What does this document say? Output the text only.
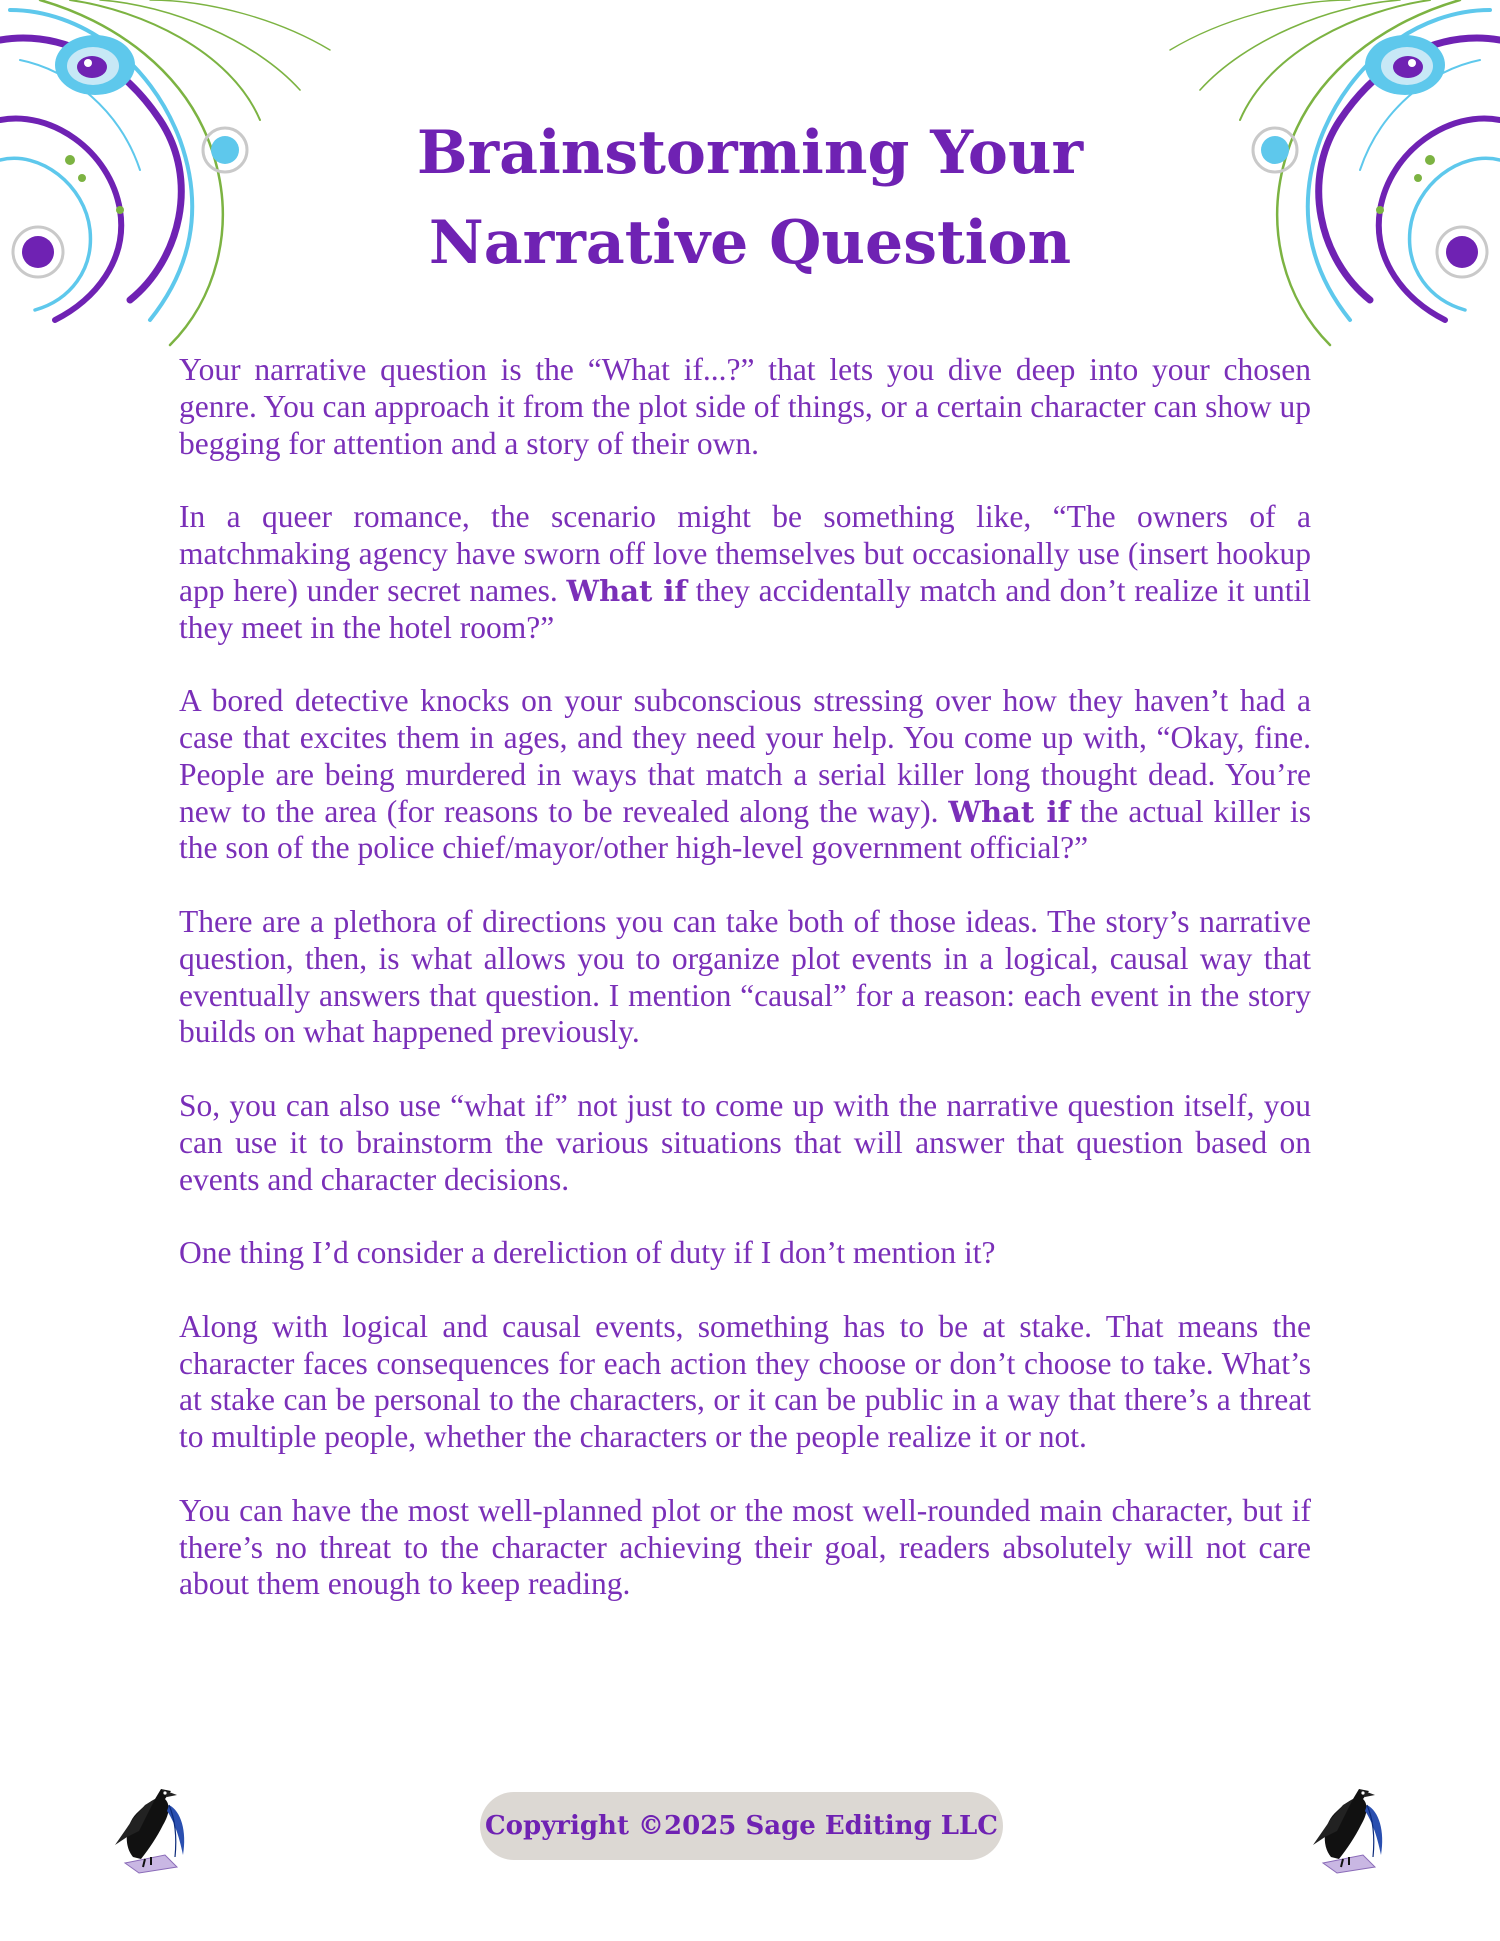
Brainstorming Your
Narrative Question

Your narrative question is the “What if...?” that lets you dive deep into your chosen genre. You can approach it from the plot side of things, or a certain character can show up begging for attention and a story of their own.

In a queer romance, the scenario might be something like, “The owners of a matchmaking agency have sworn off love themselves but occasionally use (insert hookup app here) under secret names. What if they accidentally match and don’t realize it until they meet in the hotel room?”

A bored detective knocks on your subconscious stressing over how they haven’t had a case that excites them in ages, and they need your help. You come up with, “Okay, fine. People are being murdered in ways that match a serial killer long thought dead. You’re new to the area (for reasons to be revealed along the way). What if the actual killer is the son of the police chief/mayor/other high-level government official?”

There are a plethora of directions you can take both of those ideas. The story’s narrative question, then, is what allows you to organize plot events in a logical, causal way that eventually answers that question. I mention “causal” for a reason: each event in the story builds on what happened previously.

So, you can also use “what if” not just to come up with the narrative question itself, you can use it to brainstorm the various situations that will answer that question based on events and character decisions.

One thing I’d consider a dereliction of duty if I don’t mention it?

Along with logical and causal events, something has to be at stake. That means the character faces consequences for each action they choose or don’t choose to take. What’s at stake can be personal to the characters, or it can be public in a way that there’s a threat to multiple people, whether the characters or the people realize it or not.

You can have the most well-planned plot or the most well-rounded main character, but if there’s no threat to the character achieving their goal, readers absolutely will not care about them enough to keep reading.

Copyright ©2025 Sage Editing LLC
